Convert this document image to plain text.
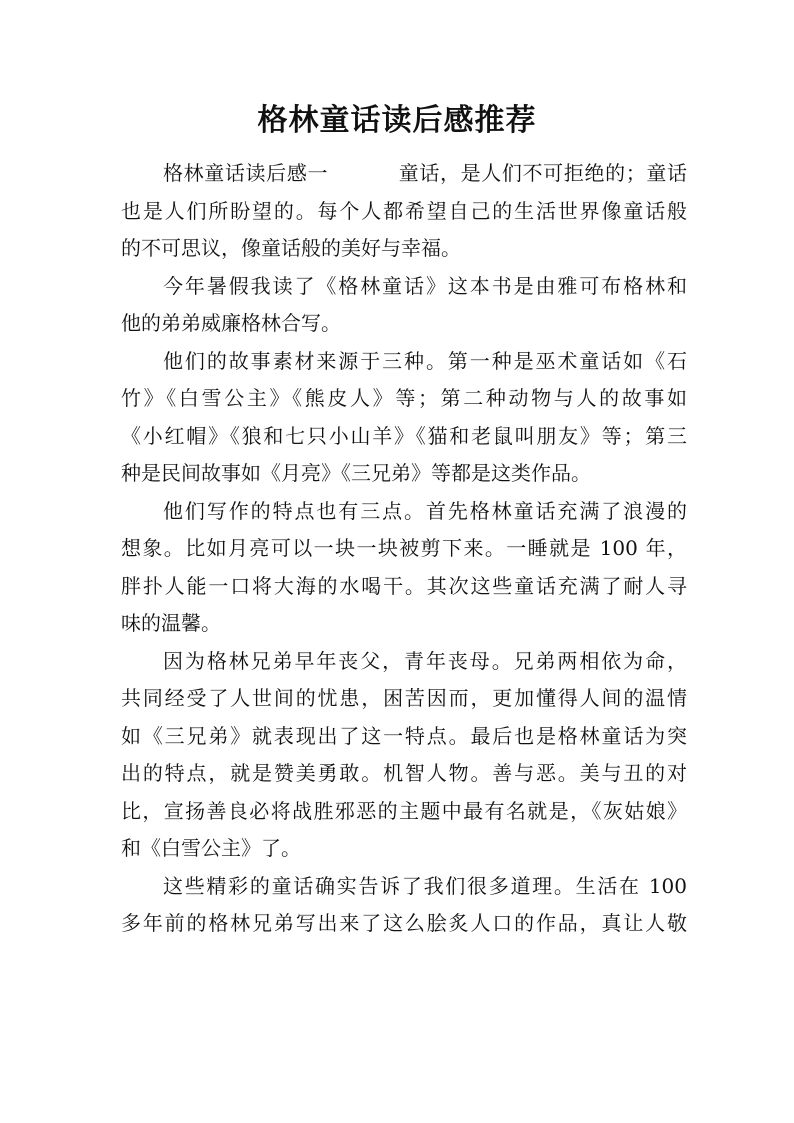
格林童话读后感推荐
格林童话读后感一	童话，是人们不可拒绝的；童话
也是人们所盼望的。每个人都希望自己的生活世界像童话般
的不可思议，像童话般的美好与幸福。
今年暑假我读了《格林童话》这本书是由雅可布格林和
他的弟弟威廉格林合写。
他们的故事素材来源于三种。第一种是巫术童话如《石
竹》《白雪公主》《熊皮人》等；第二种动物与人的故事如
《小红帽》《狼和七只小山羊》《猫和老鼠叫朋友》等；第三
种是民间故事如《月亮》《三兄弟》等都是这类作品。
他们写作的特点也有三点。首先格林童话充满了浪漫的
想象。比如月亮可以一块一块被剪下来。一睡就是 100 年，
胖扑人能一口将大海的水喝干。其次这些童话充满了耐人寻
味的温馨。
因为格林兄弟早年丧父，青年丧母。兄弟两相依为命，
共同经受了人世间的忧患，困苦因而，更加懂得人间的温情
如《三兄弟》就表现出了这一特点。最后也是格林童话为突
出的特点，就是赞美勇敢。机智人物。善与恶。美与丑的对
比，宣扬善良必将战胜邪恶的主题中最有名就是，《灰姑娘》
和《白雪公主》了。
这些精彩的童话确实告诉了我们很多道理。生活在 100
多年前的格林兄弟写出来了这么脍炙人口的作品，真让人敬
